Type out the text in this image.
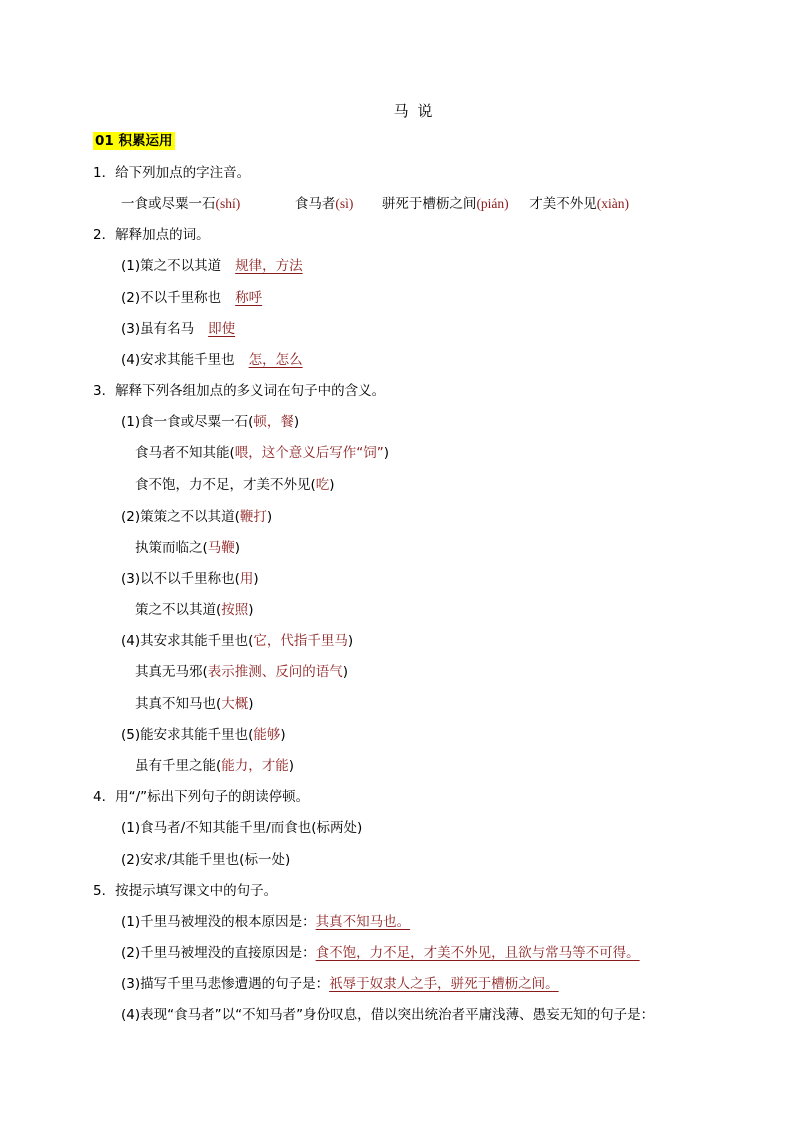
马 说
01 积累运用
1．给下列加点的字注音。
一食或尽粟一石(shí)	食马者(sì) 骈死于槽枥之间(pián) 才美不外见(xiàn)
2．解释加点的词。
(1)策之不以其道 规律，方法
(2)不以千里称也 称呼
(3)虽有名马 即使
(4)安求其能千里也 怎，怎么
3．解释下列各组加点的多义词在句子中的含义。
(1)食一食或尽粟一石(顿，餐)
食马者不知其能(喂，这个意义后写作“饲”)
食不饱，力不足，才美不外见(吃)
(2)策策之不以其道(鞭打)
执策而临之(马鞭)
(3)以不以千里称也(用)
策之不以其道(按照)
(4)其安求其能千里也(它，代指千里马)
其真无马邪(表示推测、反问的语气)
其真不知马也(大概)
(5)能安求其能千里也(能够)
虽有千里之能(能力，才能)
4．用“/”标出下列句子的朗读停顿。
(1)食马者/不知其能千里/而食也(标两处)
(2)安求/其能千里也(标一处)
5．按提示填写课文中的句子。
(1)千里马被埋没的根本原因是：其真不知马也。
(2)千里马被埋没的直接原因是：食不饱，力不足，才美不外见，且欲与常马等不可得。
(3)描写千里马悲惨遭遇的句子是：祇辱于奴隶人之手，骈死于槽枥之间。
(4)表现“食马者”以“不知马者”身份叹息，借以突出统治者平庸浅薄、愚妄无知的句子是：
